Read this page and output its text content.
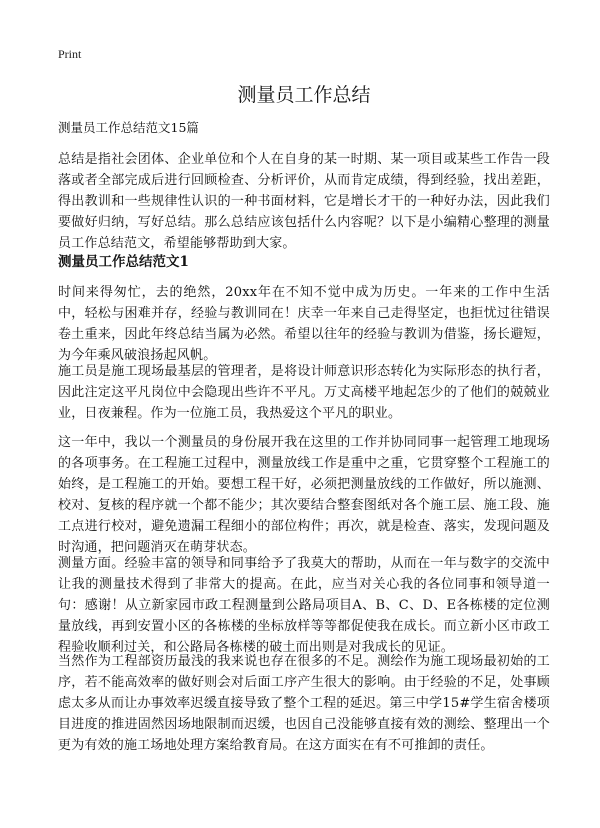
Print
测量员工作总结

测量员工作总结范文15篇

总结是指社会团体、企业单位和个人在自身的某一时期、某一项目或某些工作告一段落或者全部完成后进行回顾检查、分析评价，从而肯定成绩，得到经验，找出差距，得出教训和一些规律性认识的一种书面材料，它是增长才干的一种好办法，因此我们要做好归纳，写好总结。那么总结应该包括什么内容呢？以下是小编精心整理的测量员工作总结范文，希望能够帮助到大家。

测量员工作总结范文1

时间来得匆忙，去的绝然，20xx年在不知不觉中成为历史。一年来的工作中生活中，轻松与困难并存，经验与教训同在！庆幸一年来自己走得坚定，也拒忧过往错误卷土重来，因此年终总结当属为必然。希望以往年的经验与教训为借鉴，扬长避短，为今年乘风破浪扬起风帆。

施工员是施工现场最基层的管理者，是将设计师意识形态转化为实际形态的执行者，因此注定这平凡岗位中会隐现出些许不平凡。万丈高楼平地起怎少的了他们的兢兢业业，日夜兼程。作为一位施工员，我热爱这个平凡的职业。

这一年中，我以一个测量员的身份展开我在这里的工作并协同同事一起管理工地现场的各项事务。在工程施工过程中，测量放线工作是重中之重，它贯穿整个工程施工的始终，是工程施工的开始。要想工程干好，必须把测量放线的工作做好，所以施测、校对、复核的程序就一个都不能少；其次要结合整套图纸对各个施工层、施工段、施工点进行校对，避免遗漏工程细小的部位构件；再次，就是检查、落实，发现问题及时沟通，把问题消灭在萌芽状态。

测量方面。经验丰富的领导和同事给予了我莫大的帮助，从而在一年与数字的交流中让我的测量技术得到了非常大的提高。在此，应当对关心我的各位同事和领导道一句：感谢！从立新家园市政工程测量到公路局项目A、B、C、D、E各栋楼的定位测量放线，再到安置小区的各栋楼的坐标放样等等都促使我在成长。而立新小区市政工程验收顺利过关，和公路局各栋楼的破土而出则是对我成长的见证。

当然作为工程部资历最浅的我来说也存在很多的不足。测绘作为施工现场最初始的工序，若不能高效率的做好则会对后面工序产生很大的影响。由于经验的不足，处事顾虑太多从而让办事效率迟缓直接导致了整个工程的延迟。第三中学15#学生宿舍楼项目进度的推进固然因场地限制而迟缓，也因自己没能够直接有效的测绘、整理出一个更为有效的施工场地处理方案给教育局。在这方面实在有不可推卸的责任。
